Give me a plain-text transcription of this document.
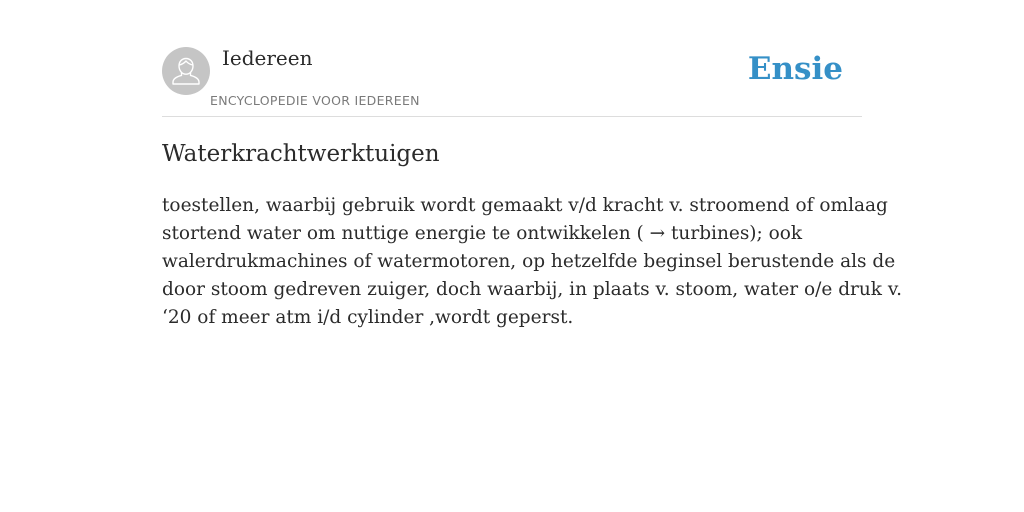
Iedereen
ENCYCLOPEDIE VOOR IEDEREEN
Ensie
Waterkrachtwerktuigen

toestellen, waarbij gebruik wordt gemaakt v/d kracht v. stroomend of omlaag
stortend water om nuttige energie te ontwikkelen ( → turbines); ook
walerdrukmachines of watermotoren, op hetzelfde beginsel berustende als de
door stoom gedreven zuiger, doch waarbij, in plaats v. stoom, water o/e druk v.
‘20 of meer atm i/d cylinder ,wordt geperst.
